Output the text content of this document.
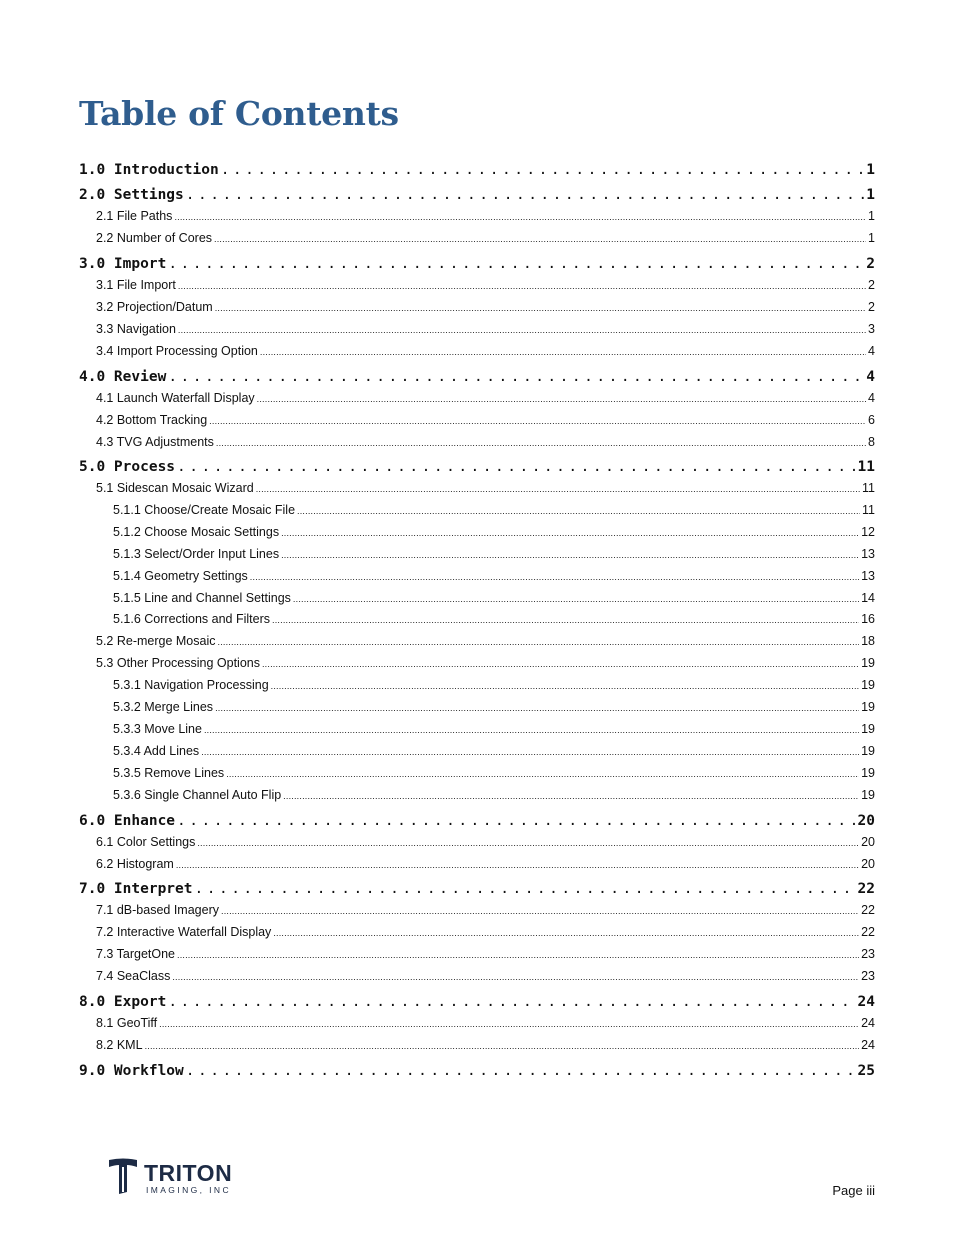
Table of Contents
1.0 Introduction .....	1
2.0 Settings .....	1
2.1 File Paths .....	1
2.2 Number of Cores .....	1
3.0 Import .....	2
3.1 File Import .....	2
3.2 Projection/Datum .....	2
3.3 Navigation .....	3
3.4 Import Processing Option .....	4
4.0 Review .....	4
4.1 Launch Waterfall Display .....	4
4.2 Bottom Tracking .....	6
4.3 TVG Adjustments .....	8
5.0 Process .....	11
5.1 Sidescan Mosaic Wizard .....	11
5.1.1 Choose/Create Mosaic File .....	11
5.1.2 Choose Mosaic Settings .....	12
5.1.3 Select/Order Input Lines .....	13
5.1.4 Geometry Settings .....	13
5.1.5 Line and Channel Settings .....	14
5.1.6 Corrections and Filters .....	16
5.2 Re-merge Mosaic .....	18
5.3 Other Processing Options .....	19
5.3.1 Navigation Processing .....	19
5.3.2 Merge Lines .....	19
5.3.3 Move Line .....	19
5.3.4 Add Lines .....	19
5.3.5 Remove Lines .....	19
5.3.6 Single Channel Auto Flip .....	19
6.0 Enhance .....	20
6.1 Color Settings .....	20
6.2 Histogram .....	20
7.0 Interpret .....	22
7.1 dB-based Imagery .....	22
7.2 Interactive Waterfall Display .....	22
7.3 TargetOne .....	23
7.4 SeaClass .....	23
8.0 Export .....	24
8.1 GeoTiff .....	24
8.2 KML .....	24
9.0 Workflow .....	25
TRITON
IMAGING, INC	Page iii
